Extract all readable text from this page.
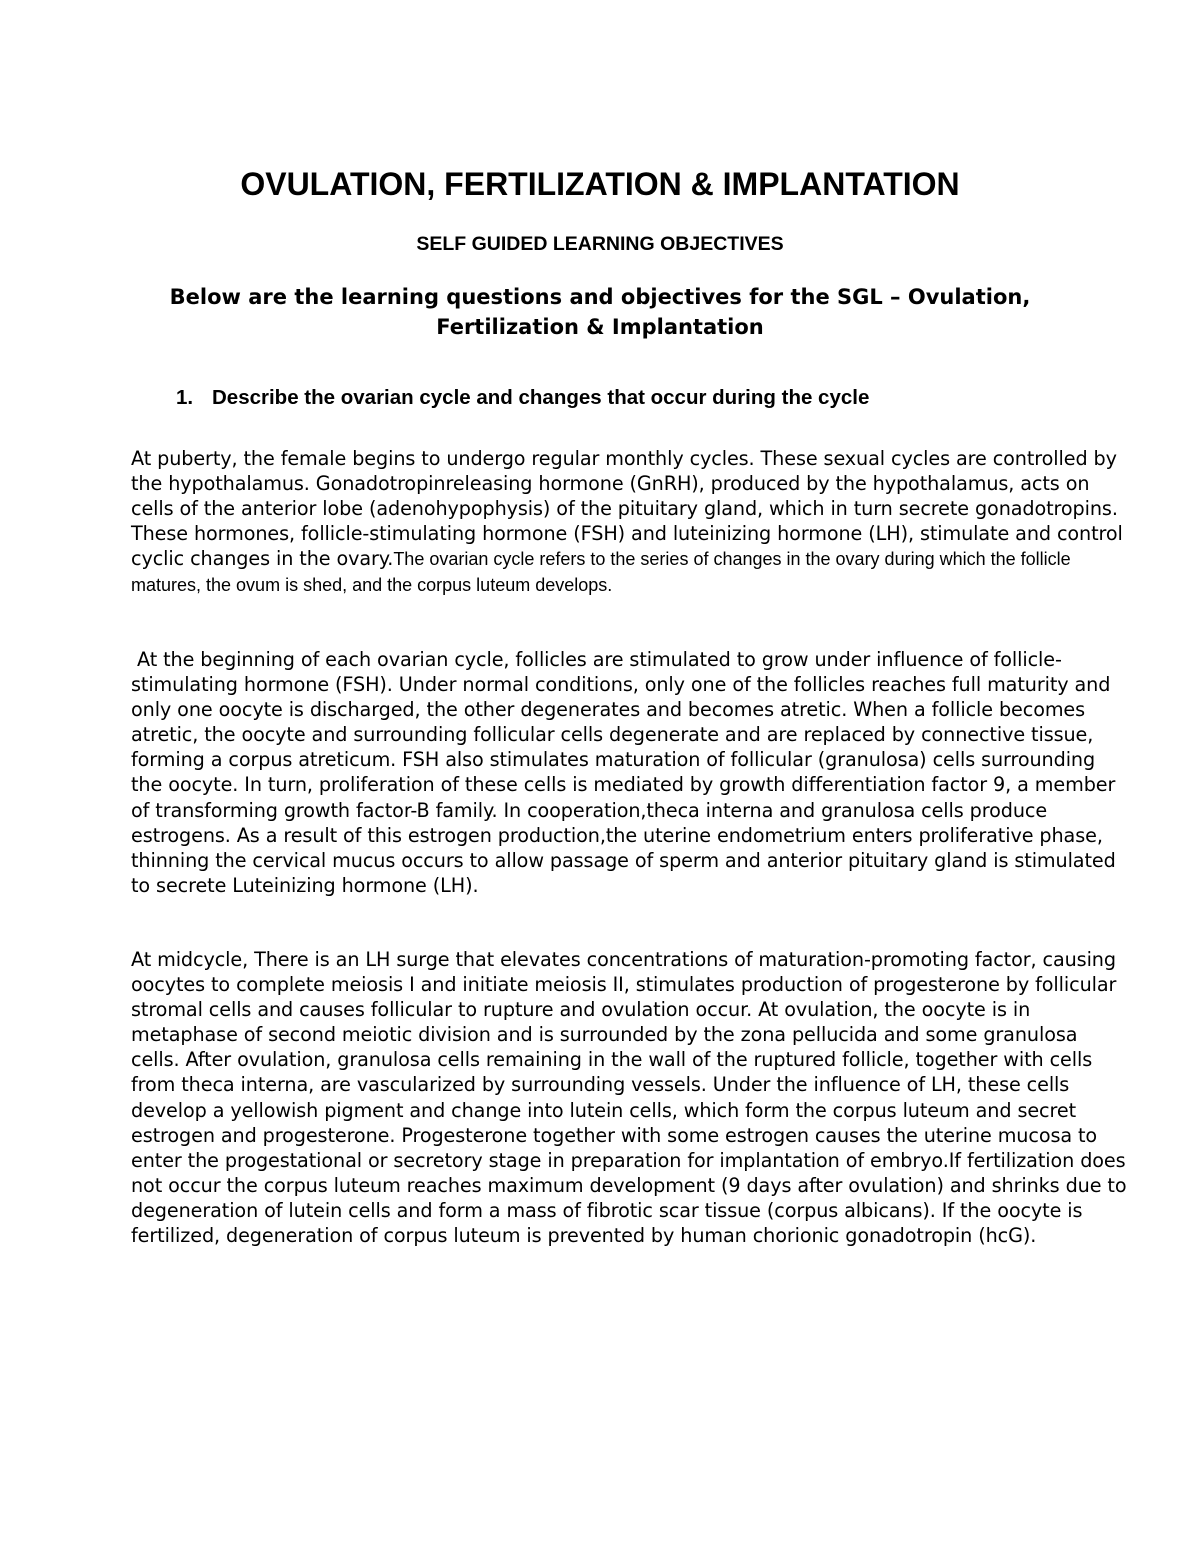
OVULATION, FERTILIZATION & IMPLANTATION
SELF GUIDED LEARNING OBJECTIVES

Below are the learning questions and objectives for the SGL – Ovulation, Fertilization & Implantation

1. Describe the ovarian cycle and changes that occur during the cycle

At puberty, the female begins to undergo regular monthly cycles. These sexual cycles are controlled by the hypothalamus. Gonadotropinreleasing hormone (GnRH), produced by the hypothalamus, acts on cells of the anterior lobe (adenohypophysis) of the pituitary gland, which in turn secrete gonadotropins. These hormones, follicle-stimulating hormone (FSH) and luteinizing hormone (LH), stimulate and control cyclic changes in the ovary.The ovarian cycle refers to the series of changes in the ovary during which the follicle matures, the ovum is shed, and the corpus luteum develops.

At the beginning of each ovarian cycle, follicles are stimulated to grow under influence of follicle- stimulating hormone (FSH). Under normal conditions, only one of the follicles reaches full maturity and only one oocyte is discharged, the other degenerates and becomes atretic. When a follicle becomes atretic, the oocyte and surrounding follicular cells degenerate and are replaced by connective tissue, forming a corpus atreticum. FSH also stimulates maturation of follicular (granulosa) cells surrounding the oocyte. In turn, proliferation of these cells is mediated by growth differentiation factor 9, a member of transforming growth factor-B family. In cooperation,theca interna and granulosa cells produce estrogens. As a result of this estrogen production,the uterine endometrium enters proliferative phase, thinning the cervical mucus occurs to allow passage of sperm and anterior pituitary gland is stimulated to secrete Luteinizing hormone (LH).

At midcycle, There is an LH surge that elevates concentrations of maturation-promoting factor, causing oocytes to complete meiosis I and initiate meiosis II, stimulates production of progesterone by follicular stromal cells and causes follicular to rupture and ovulation occur. At ovulation, the oocyte is in metaphase of second meiotic division and is surrounded by the zona pellucida and some granulosa cells. After ovulation, granulosa cells remaining in the wall of the ruptured follicle, together with cells from theca interna, are vascularized by surrounding vessels. Under the influence of LH, these cells develop a yellowish pigment and change into lutein cells, which form the corpus luteum and secret estrogen and progesterone. Progesterone together with some estrogen causes the uterine mucosa to enter the progestational or secretory stage in preparation for implantation of embryo.If fertilization does not occur the corpus luteum reaches maximum development (9 days after ovulation) and shrinks due to degeneration of lutein cells and form a mass of fibrotic scar tissue (corpus albicans). If the oocyte is fertilized, degeneration of corpus luteum is prevented by human chorionic gonadotropin (hcG).
